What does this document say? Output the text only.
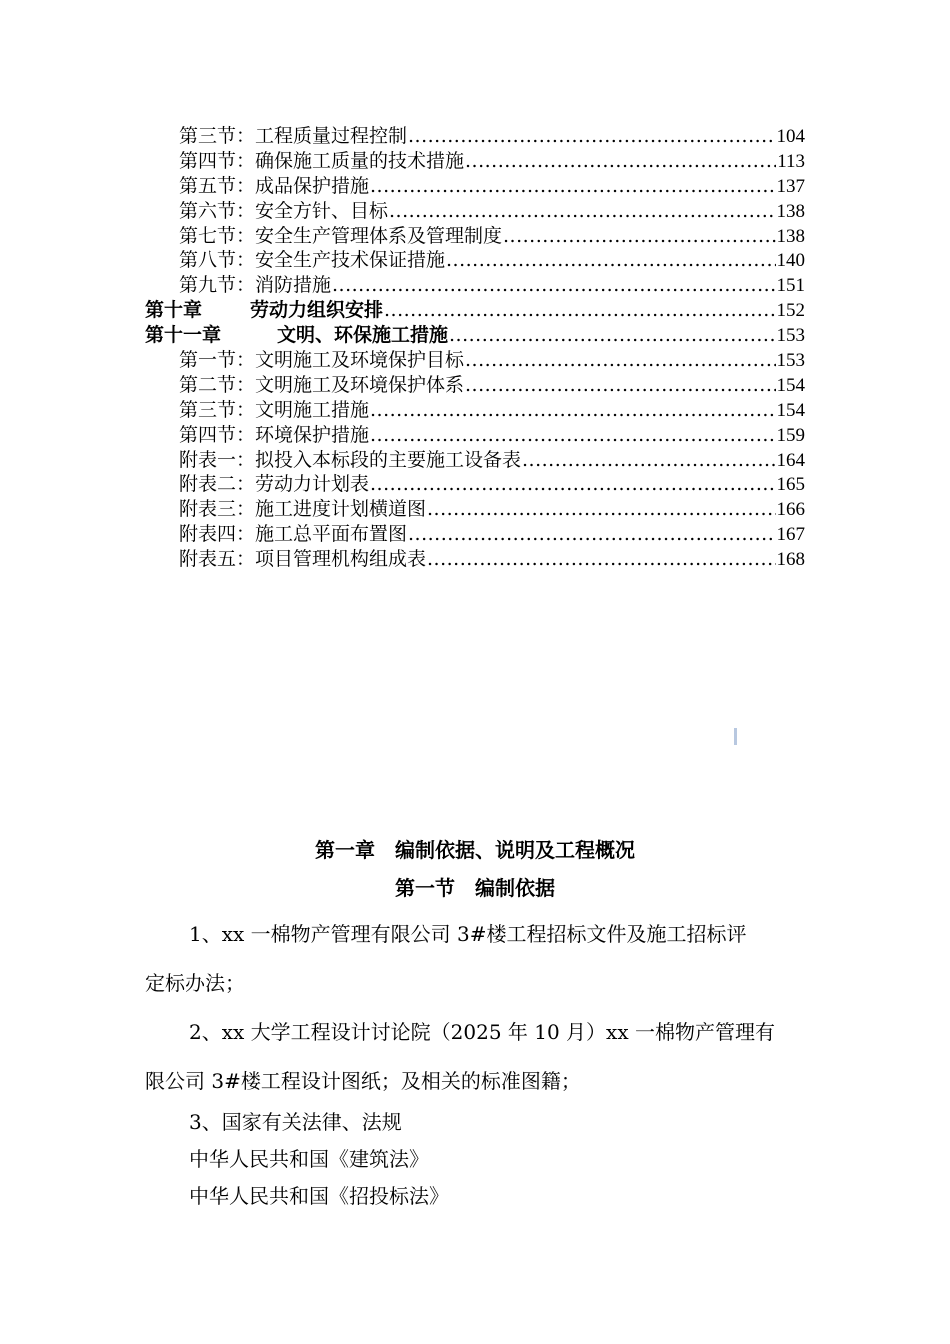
第三节：工程质量过程控制 .....	104
第四节：确保施工质量的技术措施 .....	113
第五节：成品保护措施 .....	137
第六节：安全方针、目标 .....	138
第七节：安全生产管理体系及管理制度 .....	138
第八节：安全生产技术保证措施 .....	140
第九节：消防措施 .....	151
第十章	劳动力组织安排 .....	152
第十一章	文明、环保施工措施 .....	153
第一节：文明施工及环境保护目标 .....	153
第二节：文明施工及环境保护体系 .....	154
第三节：文明施工措施 .....	154
第四节：环境保护措施 .....	159
附表一：拟投入本标段的主要施工设备表 .....	164
附表二：劳动力计划表 .....	165
附表三：施工进度计划横道图 .....	166
附表四：施工总平面布置图 .....	167
附表五：项目管理机构组成表 .....	168
第一章　编制依据、说明及工程概况
第一节　编制依据
1、xx 一棉物产管理有限公司 3#楼工程招标文件及施工招标评
定标办法；
2、xx 大学工程设计讨论院（2025 年 10 月）xx 一棉物产管理有
限公司 3#楼工程设计图纸；及相关的标准图籍；
3、国家有关法律、法规
中华人民共和国《建筑法》
中华人民共和国《招投标法》
